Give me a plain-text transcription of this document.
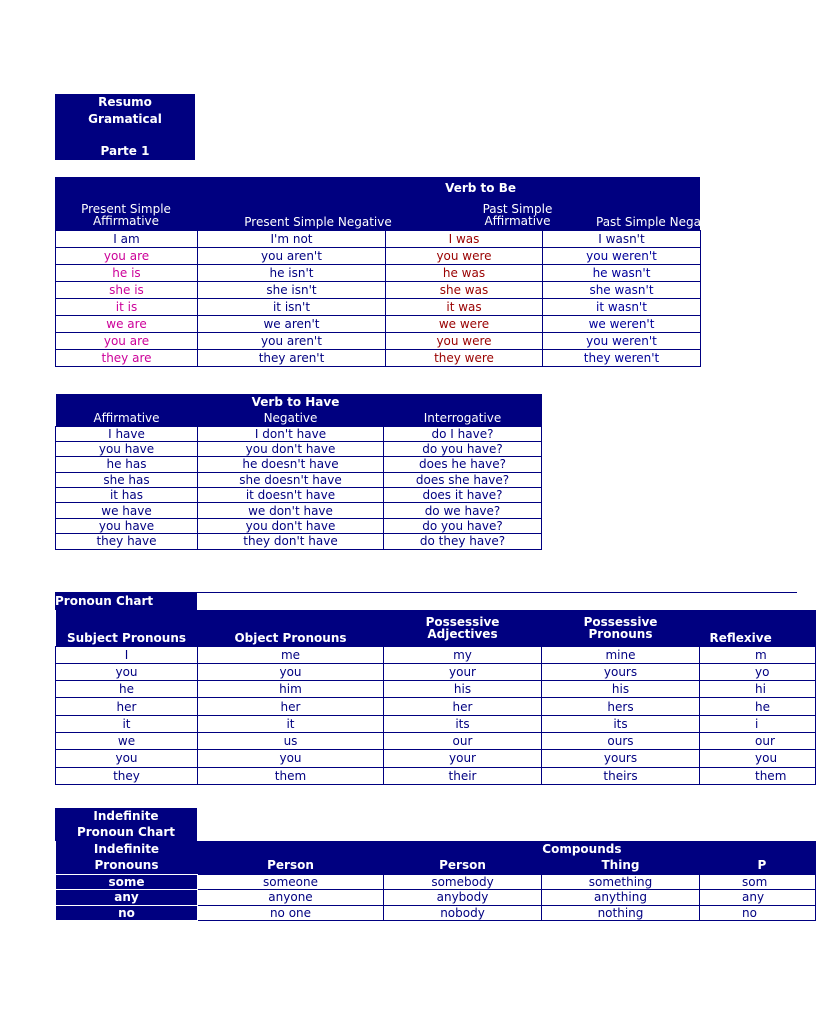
Resumo
Gramatical
Parte 1
	Verb to Be		
Present Simple Affirmative	Present Simple Negative	Past Simple Affirmative	Past Simple Negative
I am	I'm not	I was	I wasn't
you are	you aren't	you were	you weren't
he is	he isn't	he was	he wasn't
she is	she isn't	she was	she wasn't
it is	it isn't	it was	it wasn't
we are	we aren't	we were	we weren't
you are	you aren't	you were	you weren't
they are	they aren't	they were	they weren't
	Verb to Have	
Affirmative	Negative	Interrogative
I have	I don't have	do I have?
you have	you don't have	do you have?
he has	he doesn't have	does he have?
she has	she doesn't have	does she have?
it has	it doesn't have	does it have?
we have	we don't have	do we have?
you have	you don't have	do you have?
they have	they don't have	do they have?
Pronoun Chart
Subject Pronouns	Object Pronouns	Possessive Adjectives	Possessive Pronouns	Reflexive
I	me	my	mine	m
you	you	your	yours	yo
he	him	his	his	hi
her	her	her	hers	he
it	it	its	its	i
we	us	our	ours	our
you	you	your	yours	you
they	them	their	theirs	them
Indefinite
Pronoun Chart
Indefinite		Compounds		
Pronouns	Person	Person	Thing	P
some	someone	somebody	something	som
any	anyone	anybody	anything	any
no	no one	nobody	nothing	no
